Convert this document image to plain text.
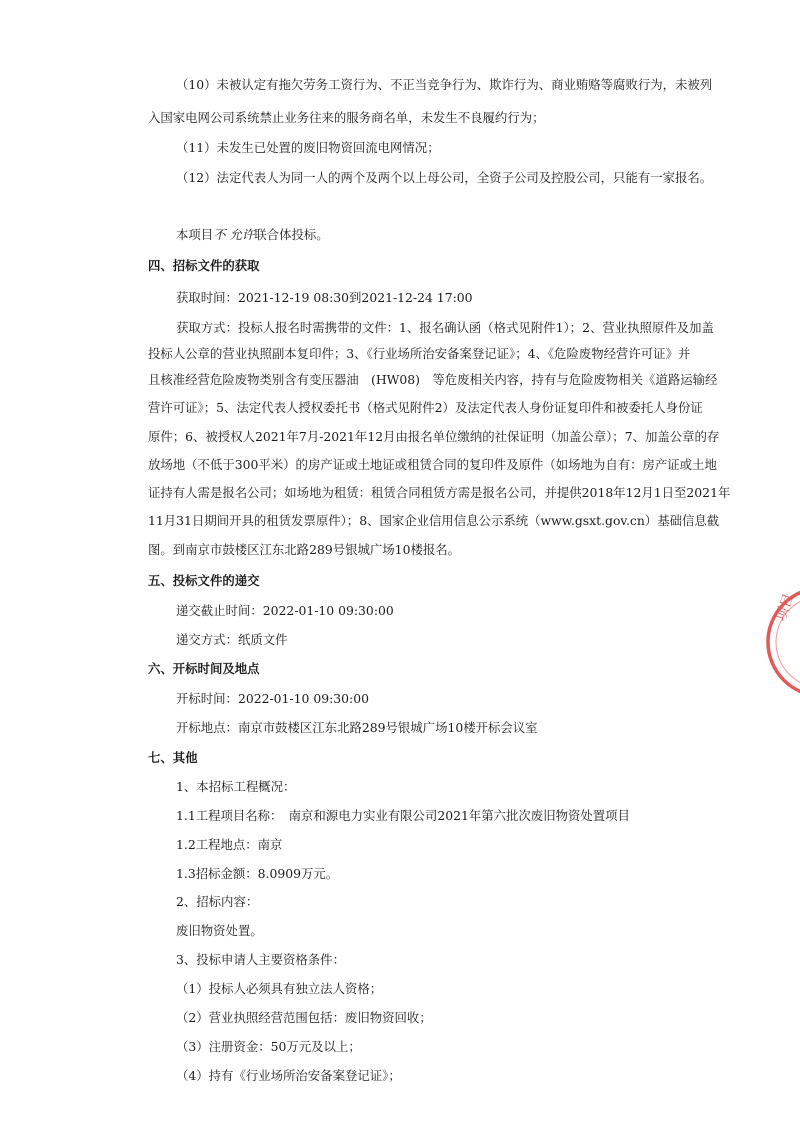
（10）未被认定有拖欠劳务工资行为、不正当竞争行为、欺诈行为、商业贿赂等腐败行为，未被列
入国家电网公司系统禁止业务往来的服务商名单，未发生不良履约行为；
（11）未发生已处置的废旧物资回流电网情况；
（12）法定代表人为同一人的两个及两个以上母公司，全资子公司及控股公司，只能有一家报名。
本项目不 允许联合体投标。
四、招标文件的获取
获取时间：2021-12-19 08:30到2021-12-24 17:00
获取方式：投标人报名时需携带的文件：1、报名确认函（格式见附件1）；2、营业执照原件及加盖
投标人公章的营业执照副本复印件；3、《行业场所治安备案登记证》；4、《危险废物经营许可证》并
且核准经营危险废物类别含有变压器油　(HW08)　等危废相关内容，持有与危险废物相关《道路运输经
营许可证》；5、法定代表人授权委托书（格式见附件2）及法定代表人身份证复印件和被委托人身份证
原件；6、被授权人2021年7月-2021年12月由报名单位缴纳的社保证明（加盖公章）；7、加盖公章的存
放场地（不低于300平米）的房产证或土地证或租赁合同的复印件及原件（如场地为自有：房产证或土地
证持有人需是报名公司；如场地为租赁：租赁合同租赁方需是报名公司，并提供2018年12月1日至2021年
11月31日期间开具的租赁发票原件）；8、国家企业信用信息公示系统（www.gsxt.gov.cn）基础信息截
图。到南京市鼓楼区江东北路289号银城广场10楼报名。
五、投标文件的递交
递交截止时间：2022-01-10 09:30:00
递交方式：纸质文件
六、开标时间及地点
开标时间：2022-01-10 09:30:00
开标地点：南京市鼓楼区江东北路289号银城广场10楼开标会议室
七、其他
1、本招标工程概况：
1.1工程项目名称：　南京和源电力实业有限公司2021年第六批次废旧物资处置项目
1.2工程地点：南京
1.3招标金额：8.0909万元。
2、招标内容：
废旧物资处置。
3、投标申请人主要资格条件：
（1）投标人必须具有独立法人资格；
（2）营业执照经营范围包括：废旧物资回收；
（3）注册资金：50万元及以上；
（4）持有《行业场所治安备案登记证》；
项目
